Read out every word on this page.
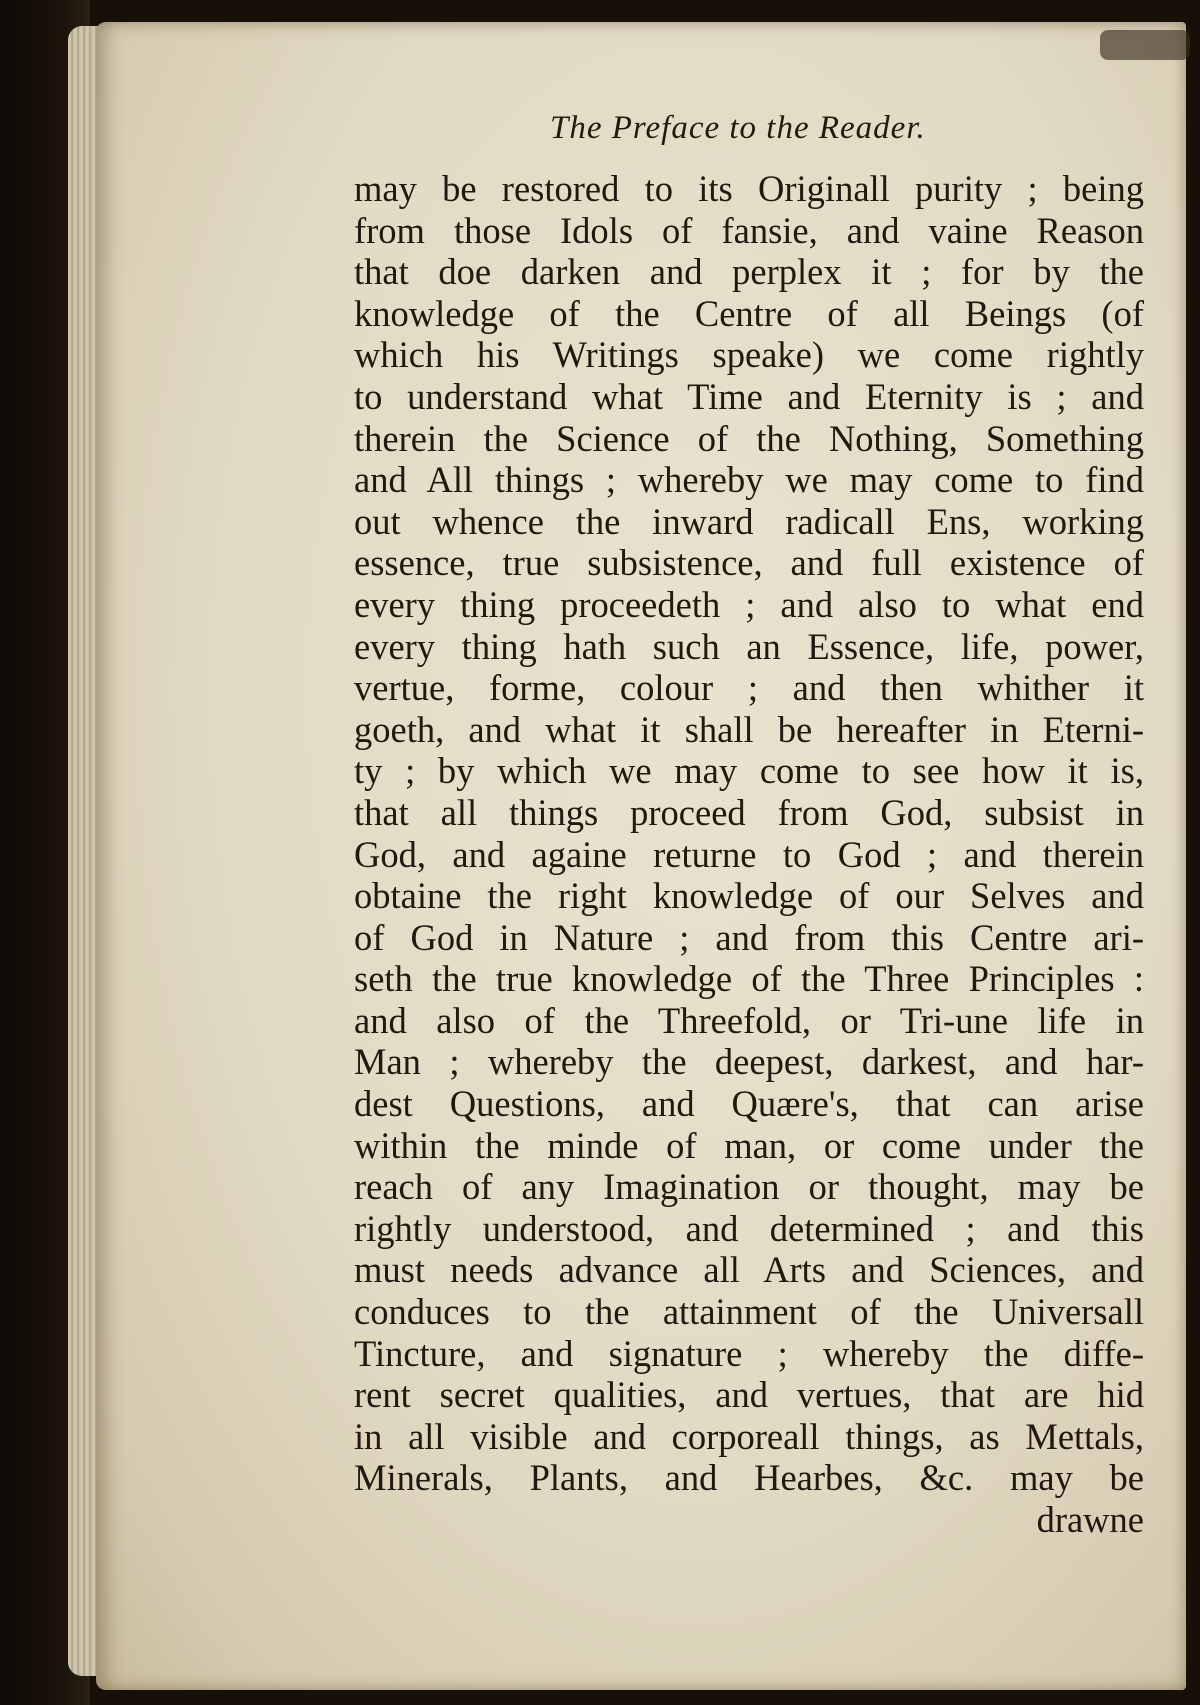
The Preface to the Reader.
may be restored to its Originall purity ; being
from those Idols of fansie, and vaine Reason
that doe darken and perplex it ; for by the
knowledge of the Centre of all Beings (of
which his Writings speake) we come rightly
to understand what Time and Eternity is ; and
therein the Science of the Nothing, Something
and All things ; whereby we may come to find
out whence the inward radicall Ens, working
essence, true subsistence, and full existence of
every thing proceedeth ; and also to what end
every thing hath such an Essence, life, power,
vertue, forme, colour ; and then whither it
goeth, and what it shall be hereafter in Eterni-
ty ; by which we may come to see how it is,
that all things proceed from God, subsist in
God, and againe returne to God ; and therein
obtaine the right knowledge of our Selves and
of God in Nature ; and from this Centre ari-
seth the true knowledge of the Three Principles :
and also of the Threefold, or Tri-une life in
Man ; whereby the deepest, darkest, and har-
dest Questions, and Quære's, that can arise
within the minde of man, or come under the
reach of any Imagination or thought, may be
rightly understood, and determined ; and this
must needs advance all Arts and Sciences, and
conduces to the attainment of the Universall
Tincture, and signature ; whereby the diffe-
rent secret qualities, and vertues, that are hid
in all visible and corporeall things, as Mettals,
Minerals, Plants, and Hearbes, &c. may be
drawne
